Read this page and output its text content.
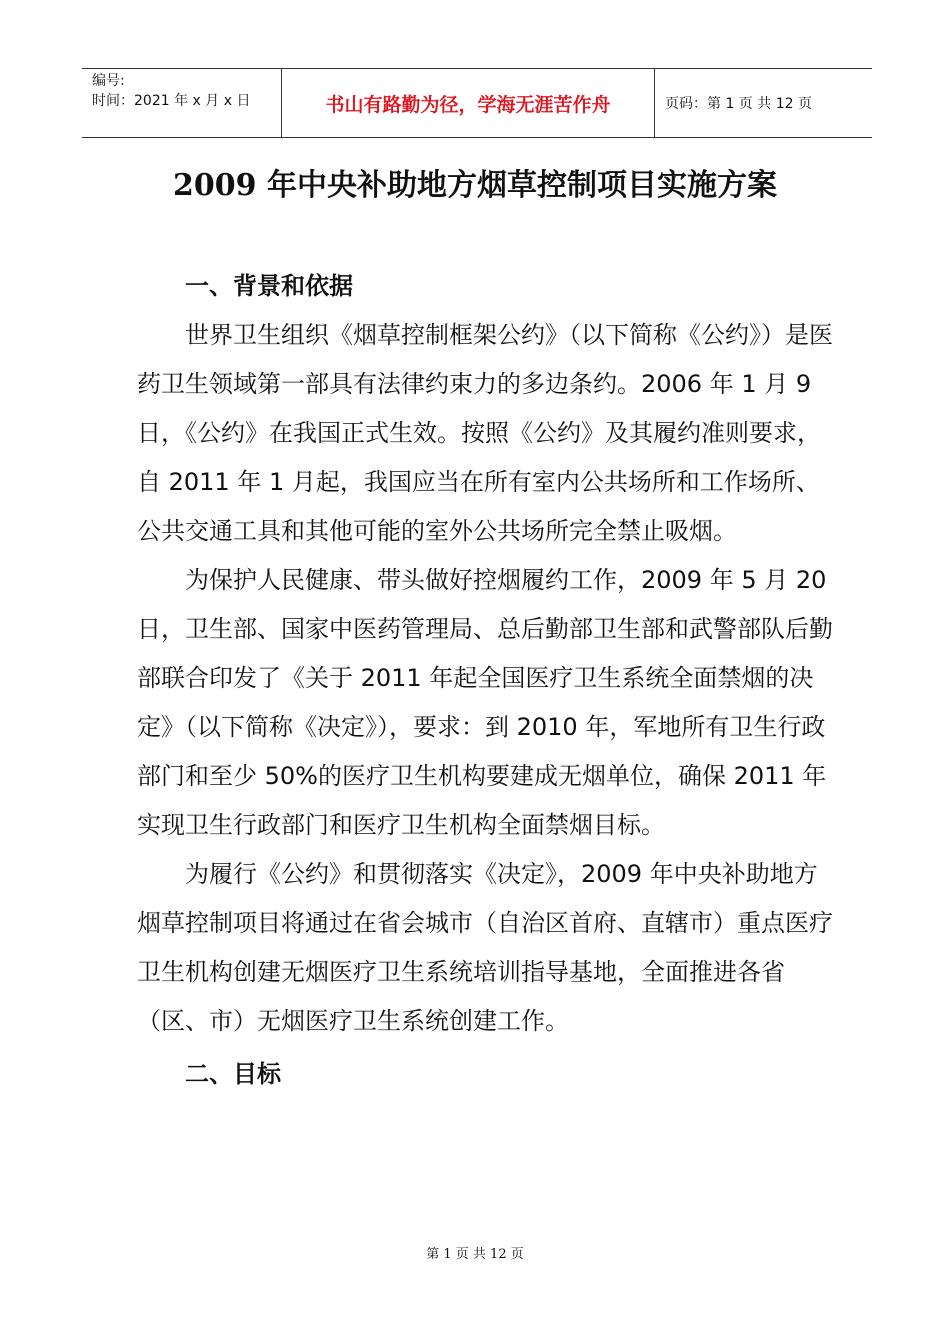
编号:
时间：2021 年 x 月 x 日	书山有路勤为径，学海无涯苦作舟	页码：第 1 页 共 12 页
2009 年中央补助地方烟草控制项目实施方案
一、背景和依据

世界卫生组织《烟草控制框架公约》（以下简称《公约》）是医药卫生领域第一部具有法律约束力的多边条约。2006 年 1 月 9 日，《公约》在我国正式生效。按照《公约》及其履约准则要求，自 2011 年 1 月起，我国应当在所有室内公共场所和工作场所、公共交通工具和其他可能的室外公共场所完全禁止吸烟。

为保护人民健康、带头做好控烟履约工作，2009 年 5 月 20 日，卫生部、国家中医药管理局、总后勤部卫生部和武警部队后勤部联合印发了《关于 2011 年起全国医疗卫生系统全面禁烟的决定》（以下简称《决定》），要求：到 2010 年，军地所有卫生行政部门和至少 50%的医疗卫生机构要建成无烟单位，确保 2011 年实现卫生行政部门和医疗卫生机构全面禁烟目标。

为履行《公约》和贯彻落实《决定》，2009 年中央补助地方烟草控制项目将通过在省会城市（自治区首府、直辖市）重点医疗卫生机构创建无烟医疗卫生系统培训指导基地，全面推进各省（区、市）无烟医疗卫生系统创建工作。

二、目标
第 1 页 共 12 页
